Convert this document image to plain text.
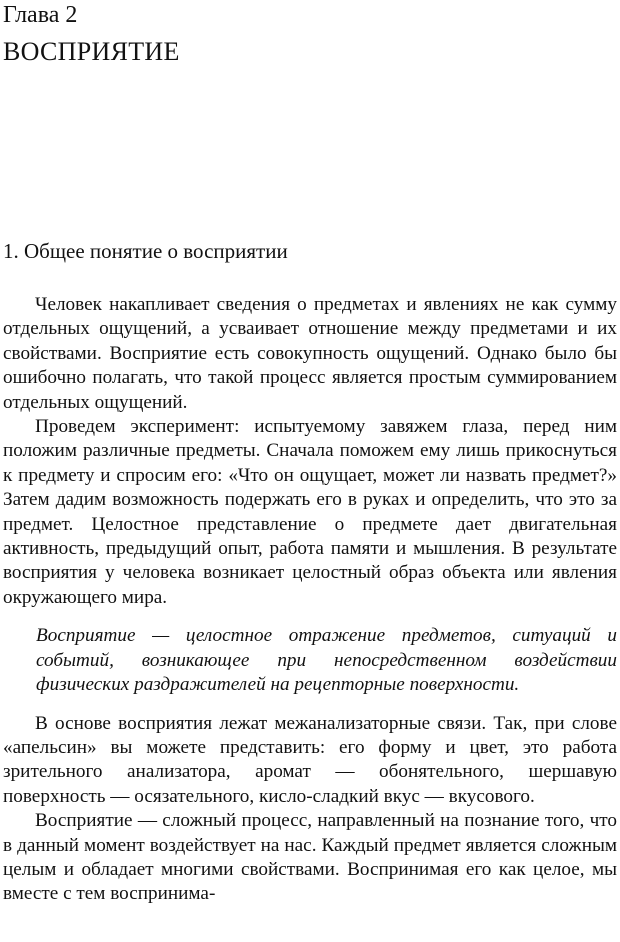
Глава 2
ВОСПРИЯТИЕ
1. Общее понятие о восприятии

Человек накапливает сведения о предметах и явлениях не как сумму отдельных ощущений, а усваивает отношение между предметами и их свойствами. Восприятие есть совокупность ощущений. Однако было бы ошибочно полагать, что такой процесс является простым суммированием отдельных ощущений.

Проведем эксперимент: испытуемому завяжем глаза, перед ним положим различные предметы. Сначала поможем ему лишь прикоснуться к предмету и спросим его: «Что он ощущает, может ли назвать предмет?» Затем дадим возможность подержать его в руках и определить, что это за предмет. Целостное представление о предмете дает двигательная активность, предыдущий опыт, работа памяти и мышления. В результате восприятия у человека возникает целостный образ объекта или явления окружающего мира.

Восприятие — целостное отражение предметов, ситуаций и событий, возникающее при непосредственном воздействии физических раздражителей на рецепторные поверхности.

В основе восприятия лежат межанализаторные связи. Так, при слове «апельсин» вы можете представить: его форму и цвет, это работа зрительного анализатора, аромат — обонятельного, шершавую поверхность — осязательного, кисло-сладкий вкус — вкусового.

Восприятие — сложный процесс, направленный на познание того, что в данный момент воздействует на нас. Каждый предмет является сложным целым и обладает многими свойствами. Воспринимая его как целое, мы вместе с тем воспринима-
